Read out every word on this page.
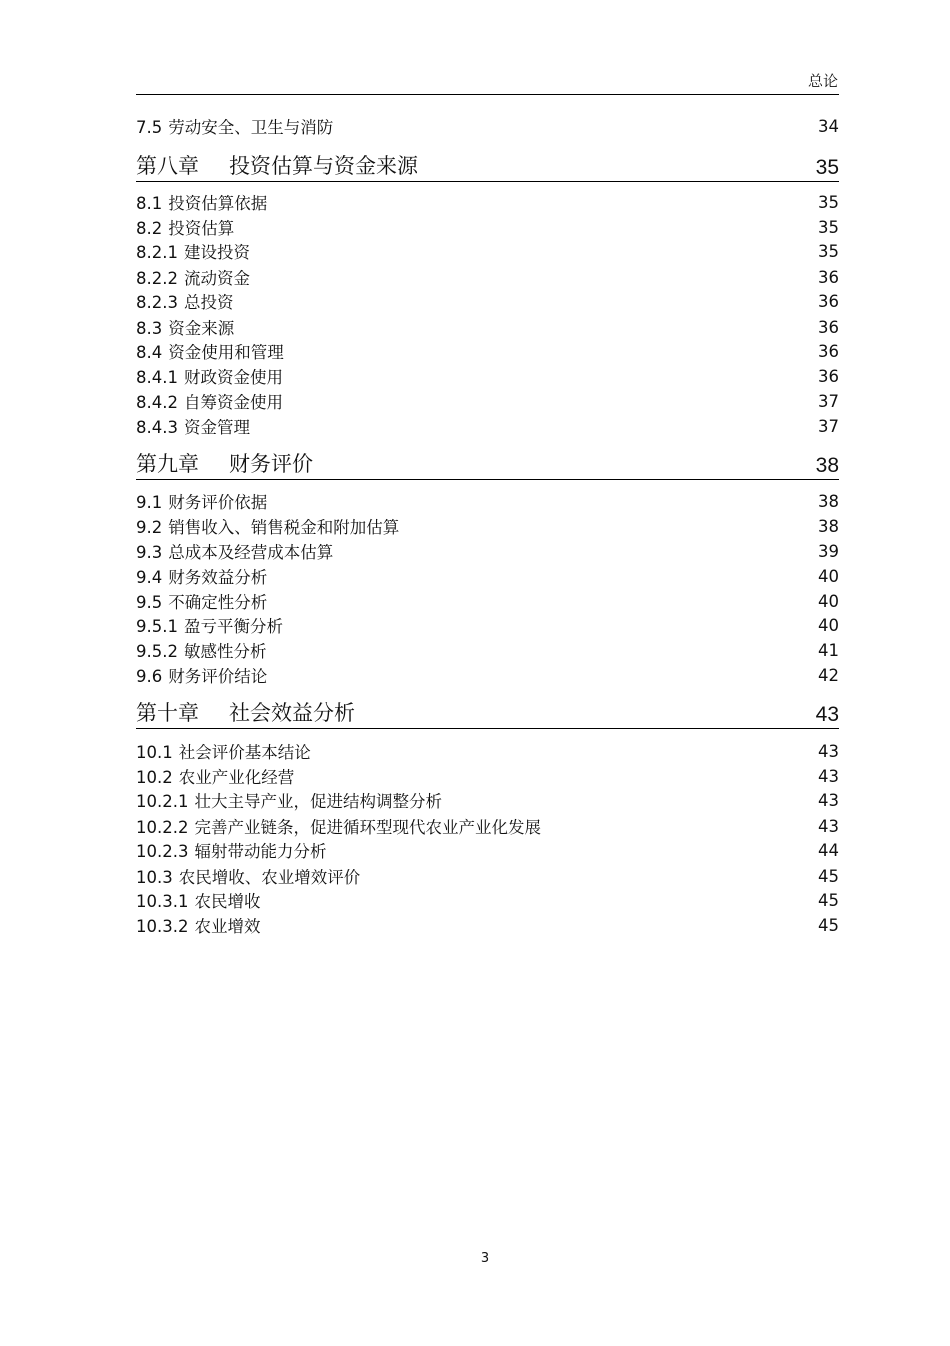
总论
7.5 劳动安全、卫生与消防	34
第八章 投资估算与资金来源	35
8.1 投资估算依据	35
8.2 投资估算	35
8.2.1 建设投资	35
8.2.2 流动资金	36
8.2.3 总投资	36
8.3 资金来源	36
8.4 资金使用和管理	36
8.4.1 财政资金使用	36
8.4.2 自筹资金使用	37
8.4.3 资金管理	37
第九章 财务评价	38
9.1 财务评价依据	38
9.2 销售收入、销售税金和附加估算	38
9.3 总成本及经营成本估算	39
9.4 财务效益分析	40
9.5 不确定性分析	40
9.5.1 盈亏平衡分析	40
9.5.2 敏感性分析	41
9.6 财务评价结论	42
第十章 社会效益分析	43
10.1 社会评价基本结论	43
10.2 农业产业化经营	43
10.2.1 壮大主导产业，促进结构调整分析	43
10.2.2 完善产业链条，促进循环型现代农业产业化发展	43
10.2.3 辐射带动能力分析	44
10.3 农民增收、农业增效评价	45
10.3.1 农民增收	45
10.3.2 农业增效	45
3
